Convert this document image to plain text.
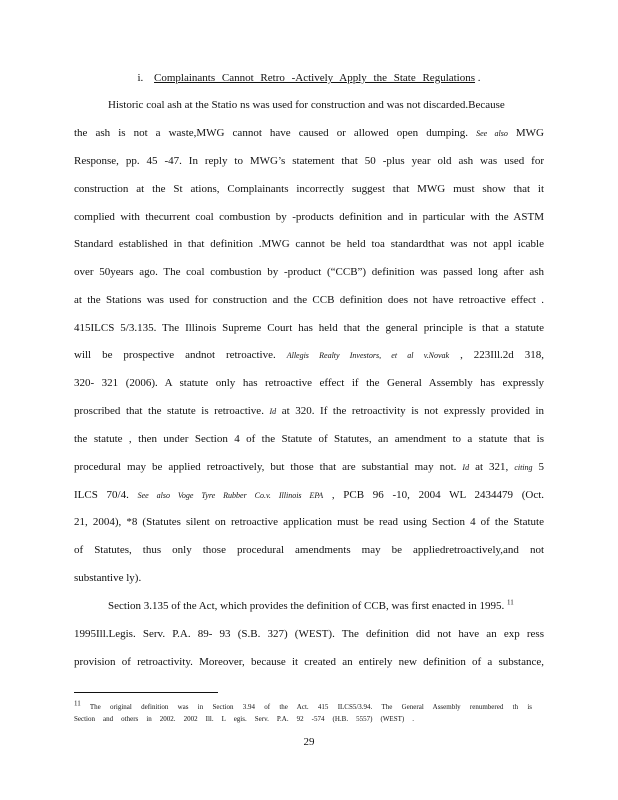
i. Complainants Cannot Retro -Actively Apply the State Regulations .
Historic coal ash at the Statio ns was used for construction and was not discarded.Because
the ash is not a waste,MWG cannot have caused or allowed open dumping. See also MWG
Response, pp. 45 -47. In reply to MWG’s statement that 50 -plus year old ash was used for
construction at the St ations, Complainants incorrectly suggest that MWG must show that it
complied with thecurrent coal combustion by -products definition and in particular with the ASTM
Standard established in that definition .MWG cannot be held toa standardthat was not appl icable
over 50years ago. The coal combustion by -product (“CCB”) definition was passed long after ash
at the Stations was used for construction and the CCB definition does not have retroactive effect .
415ILCS 5/3.135. The Illinois Supreme Court has held that the general principle is that a statute
will be prospective andnot retroactive. Allegis Realty Investors, et al v.Novak , 223Ill.2d 318,
320- 321 (2006). A statute only has retroactive effect if the General Assembly has expressly
proscribed that the statute is retroactive. Id at 320. If the retroactivity is not expressly provided in
the statute , then under Section 4 of the Statute of Statutes, an amendment to a statute that is
procedural may be applied retroactively, but those that are substantial may not. Id at 321, citing 5
ILCS 70/4. See also Voge Tyre Rubber Co.v. Illinois EPA , PCB 96 -10, 2004 WL 2434479 (Oct.
21, 2004), *8 (Statutes silent on retroactive application must be read using Section 4 of the Statute
of Statutes, thus only those procedural amendments may be appliedretroactively,and not
substantive ly).
Section 3.135 of the Act, which provides the definition of CCB, was first enacted in 1995. $^{11}$
1995Ill.Legis. Serv. P.A. 89- 93 (S.B. 327) (WEST). The definition did not have an exp ress
provision of retroactivity. Moreover, because it created an entirely new definition of a substance,
$^{11}$ The original definition was in Section 3.94 of the Act. 415 ILCS5/3.94. The General Assembly renumbered th is
Section and others in 2002. 2002 Ill. L egis. Serv. P.A. 92 -574 (H.B. 5557) (WEST) .
29
